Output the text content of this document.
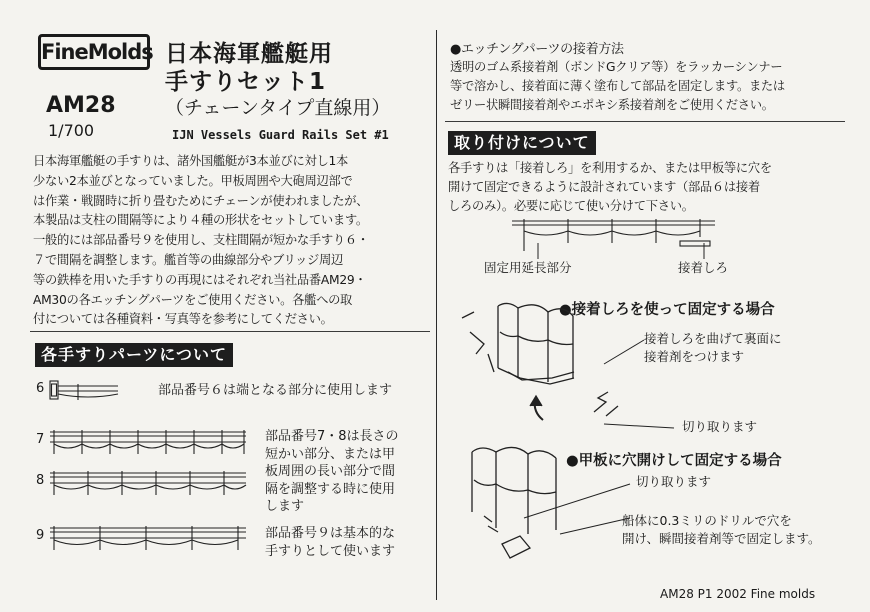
FineMolds 日本海軍艦艇用
手すりセット1
（チェーンタイプ直線用）
AM28
1/700	IJN Vessels Guard Rails Set #1

日本海軍艦艇の手すりは、諸外国艦艇が3本並びに対し1本

少ない2本並びとなっていました。甲板周囲や大砲周辺部で

は作業・戦闘時に折り畳むためにチェーンが使われましたが、

本製品は支柱の間隔等により４種の形状をセットしています。

一般的には部品番号９を使用し、支柱間隔が短かな手すり６・

７で間隔を調整します。艦首等の曲線部分やブリッジ周辺

等の鉄棒を用いた手すりの再現にはそれぞれ当社品番AM29・

AM30の各エッチングパーツをご使用ください。各艦への取

付については各種資料・写真等を参考にしてください。

各手すりパーツについて
6	部品番号６は端となる部分に使用します
7
8
部品番号7・8は長さの
短かい部分、または甲
板周囲の長い部分で間
隔を調整する時に使用
します
9	部品番号９は基本的な
手すりとして使います
●エッチングパーツの接着方法
透明のゴム系接着剤（ボンドGクリア等）をラッカーシンナー
等で溶かし、接着面に薄く塗布して部品を固定します。または
ゼリー状瞬間接着剤やエポキシ系接着剤をご使用ください。
取り付けについて
各手すりは「接着しろ」を利用するか、または甲板等に穴を
開けて固定できるように設計されています（部品６は接着
しろのみ）。必要に応じて使い分けて下さい。
固定用延長部分	接着しろ
●接着しろを使って固定する場合
接着しろを曲げて裏面に
接着剤をつけます
切り取ります
●甲板に穴開けして固定する場合
切り取ります
船体に0.3ミリのドリルで穴を
開け、瞬間接着剤等で固定します。
AM28 P1 2002 Fine molds
